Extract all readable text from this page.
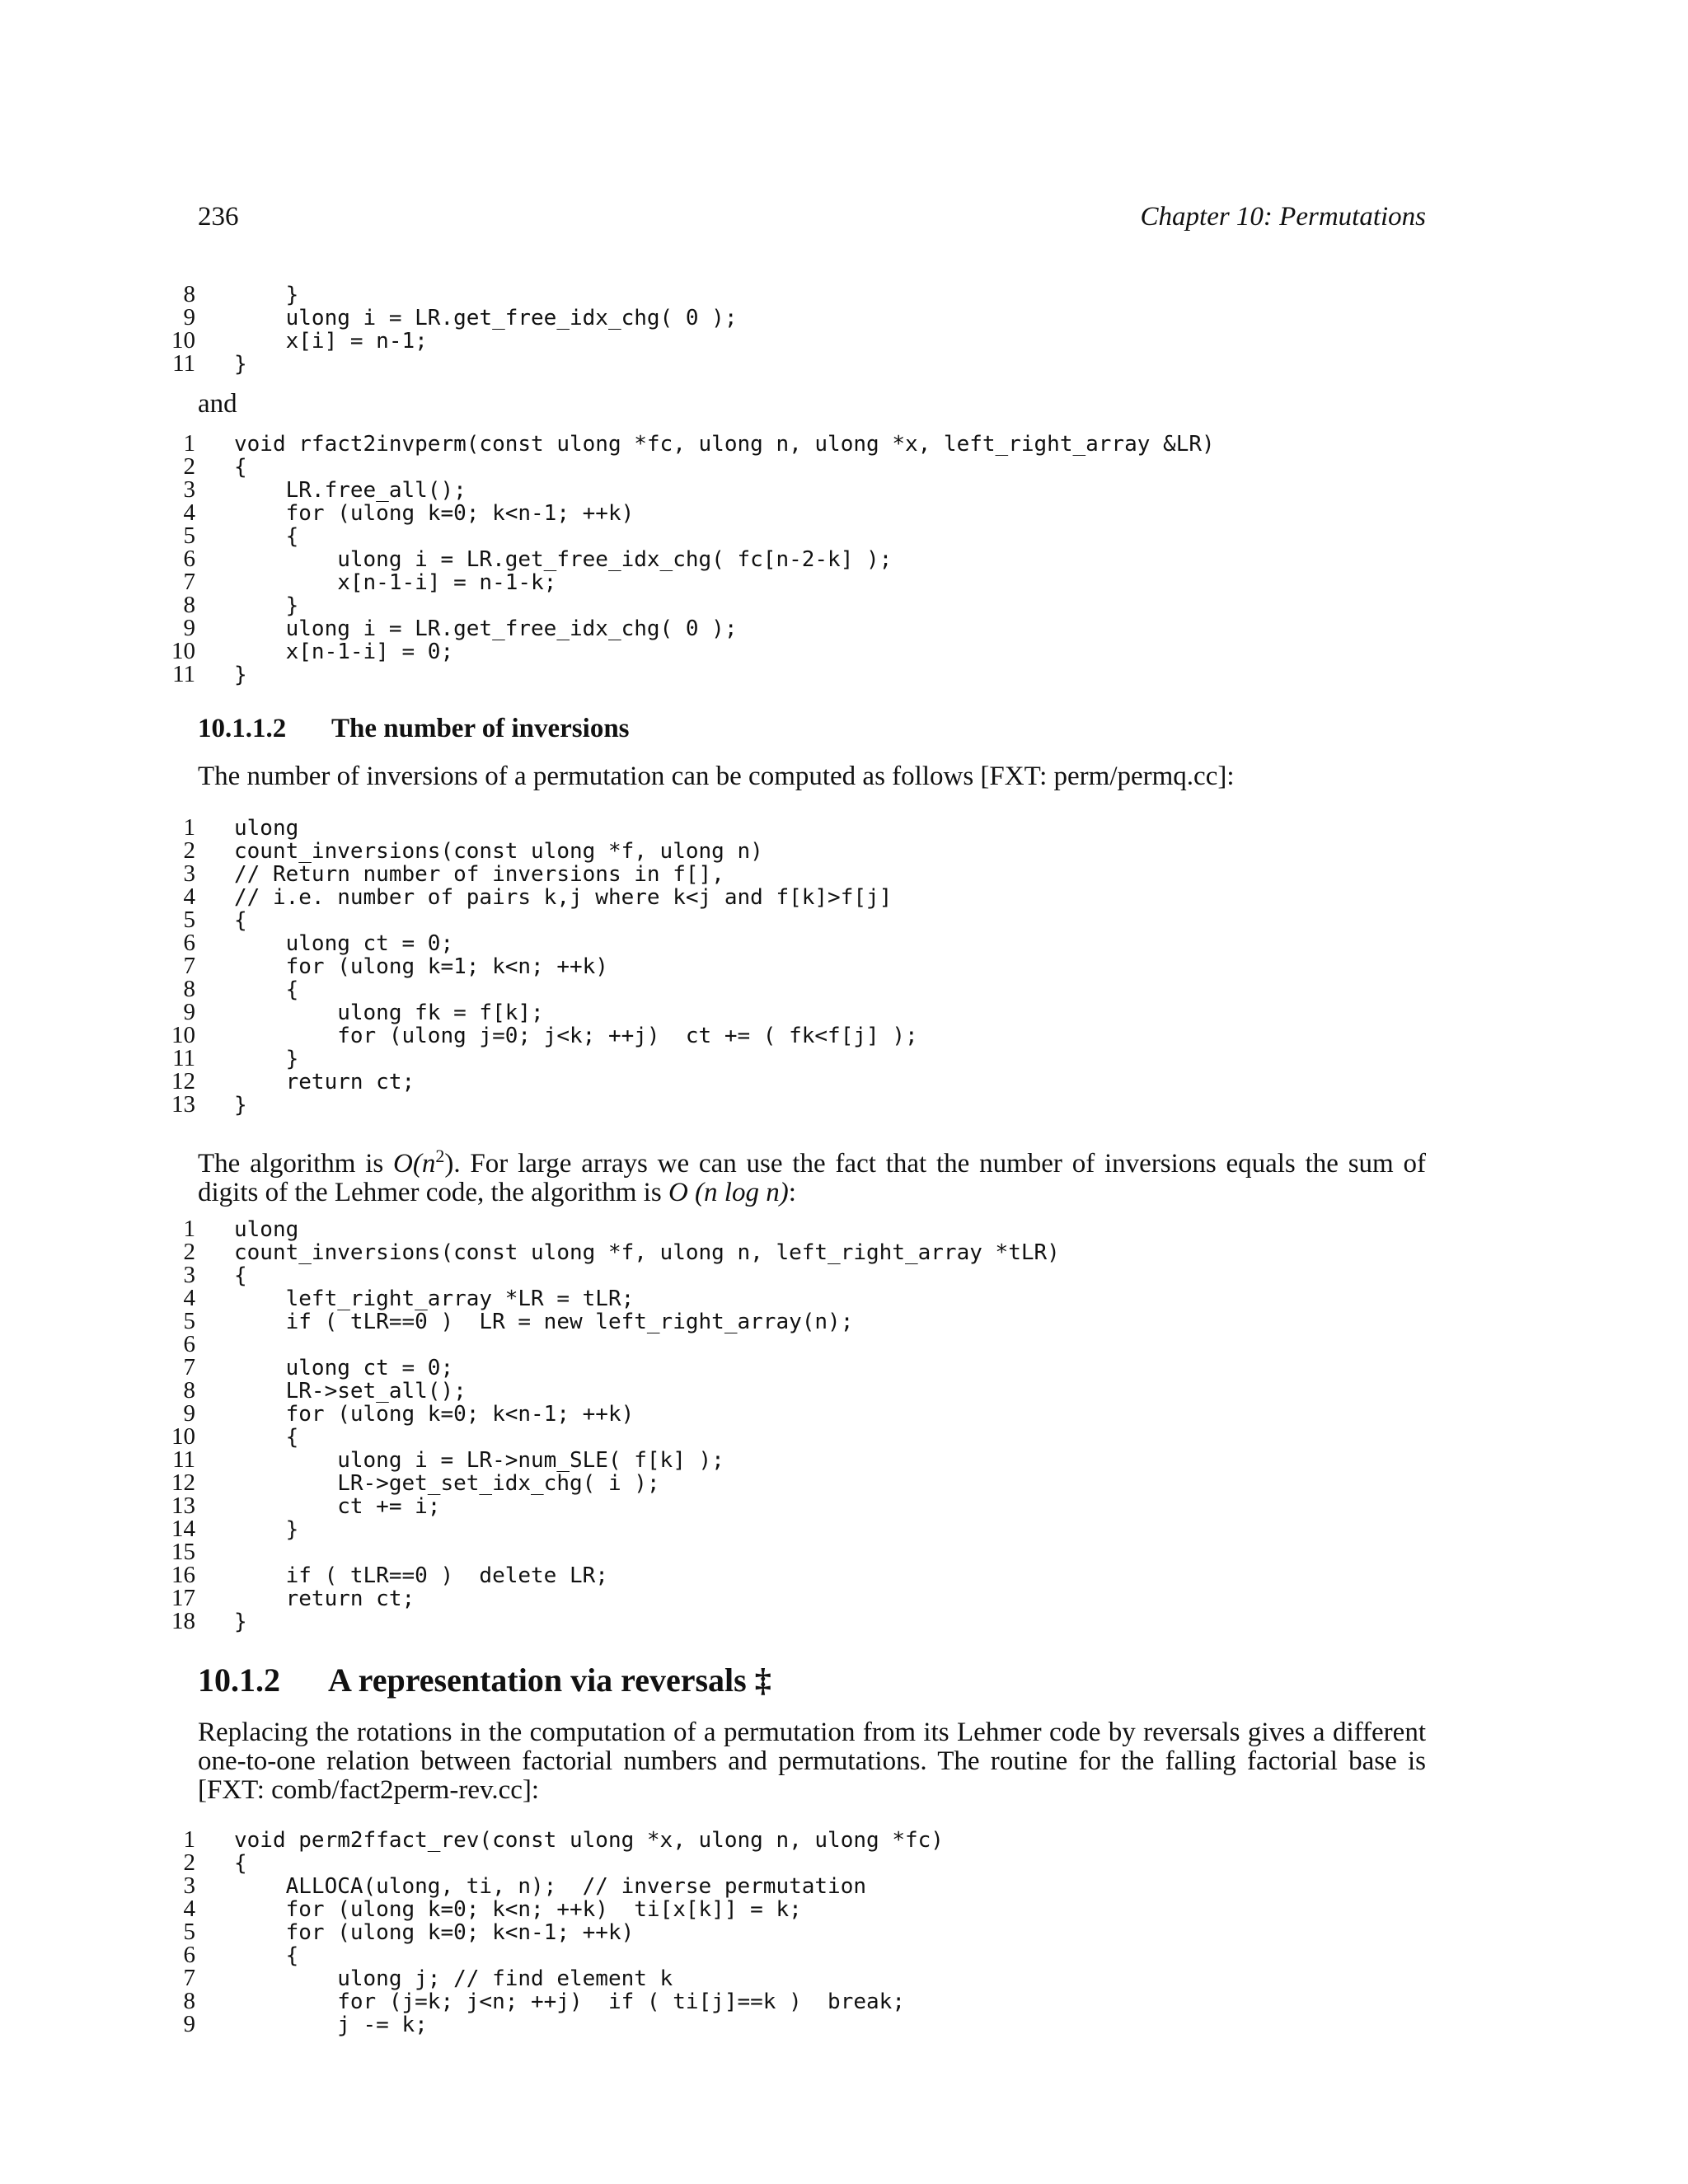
236	Chapter 10: Permutations
8    }
9    ulong i = LR.get_free_idx_chg( 0 );
10    x[i] = n-1;
11 }

and

1 void rfact2invperm(const ulong *fc, ulong n, ulong *x, left_right_array &LR)
2 {
3    LR.free_all();
4    for (ulong k=0; k<n-1; ++k)
5    {
6        ulong i = LR.get_free_idx_chg( fc[n-2-k] );
7        x[n-1-i] = n-1-k;
8    }
9    ulong i = LR.get_free_idx_chg( 0 );
10    x[n-1-i] = 0;
11 }
10.1.1.2 The number of inversions

The number of inversions of a permutation can be computed as follows [FXT: perm/permq.cc]:

1 ulong
2 count_inversions(const ulong *f, ulong n)
3 // Return number of inversions in f[],
4 // i.e. number of pairs k,j where k<j and f[k]>f[j]
5 {
6    ulong ct = 0;
7    for (ulong k=1; k<n; ++k)
8    {
9        ulong fk = f[k];
10        for (ulong j=0; j<k; ++j)  ct += ( fk<f[j] );
11    }
12    return ct;
13 }

The algorithm is $O(n^2)$. For large arrays we can use the fact that the number of inversions equals the sum of digits of the Lehmer code, the algorithm is O (n log n):

1 ulong
2 count_inversions(const ulong *f, ulong n, left_right_array *tLR)
3 {
4    left_right_array *LR = tLR;
5    if ( tLR==0 )  LR = new left_right_array(n);
6
7    ulong ct = 0;
8    LR->set_all();
9    for (ulong k=0; k<n-1; ++k)
10    {
11        ulong i = LR->num_SLE( f[k] );
12        LR->get_set_idx_chg( i );
13        ct += i;
14    }
15
16    if ( tLR==0 )  delete LR;
17    return ct;
18 }
10.1.2 A representation via reversals ‡

Replacing the rotations in the computation of a permutation from its Lehmer code by reversals gives a different one-to-one relation between factorial numbers and permutations. The routine for the falling factorial base is [FXT: comb/fact2perm-rev.cc]:

1 void perm2ffact_rev(const ulong *x, ulong n, ulong *fc)
2 {
3    ALLOCA(ulong, ti, n);  // inverse permutation
4    for (ulong k=0; k<n; ++k)  ti[x[k]] = k;
5    for (ulong k=0; k<n-1; ++k)
6    {
7        ulong j; // find element k
8        for (j=k; j<n; ++j)  if ( ti[j]==k )  break;
9        j -= k;
